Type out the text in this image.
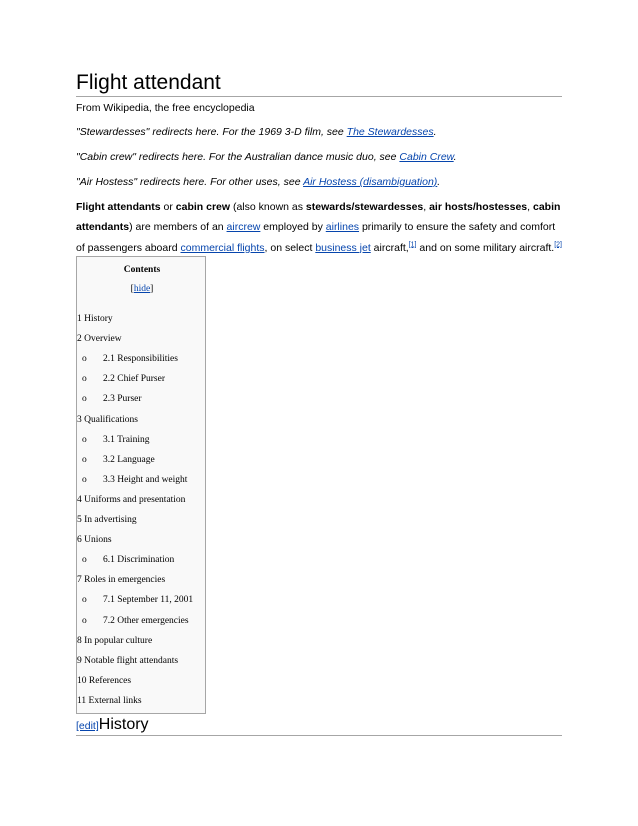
Flight attendant
From Wikipedia, the free encyclopedia
"Stewardesses" redirects here. For the 1969 3-D film, see The Stewardesses.
"Cabin crew" redirects here. For the Australian dance music duo, see Cabin Crew.
"Air Hostess" redirects here. For other uses, see Air Hostess (disambiguation).
Flight attendants or cabin crew (also known as stewards/stewardesses, air hosts/hostesses, cabin attendants) are members of an aircrew employed by airlines primarily to ensure the safety and comfort of passengers aboard commercial flights, on select business jet aircraft,[1] and on some military aircraft.[2]
Contents
[hide]
1 History
2 Overview
o 2.1 Responsibilities
o 2.2 Chief Purser
o 2.3 Purser
3 Qualifications
o 3.1 Training
o 3.2 Language
o 3.3 Height and weight
4 Uniforms and presentation
5 In advertising
6 Unions
o 6.1 Discrimination
7 Roles in emergencies
o 7.1 September 11, 2001
o 7.2 Other emergencies
8 In popular culture
9 Notable flight attendants
10 References
11 External links
[edit]History
